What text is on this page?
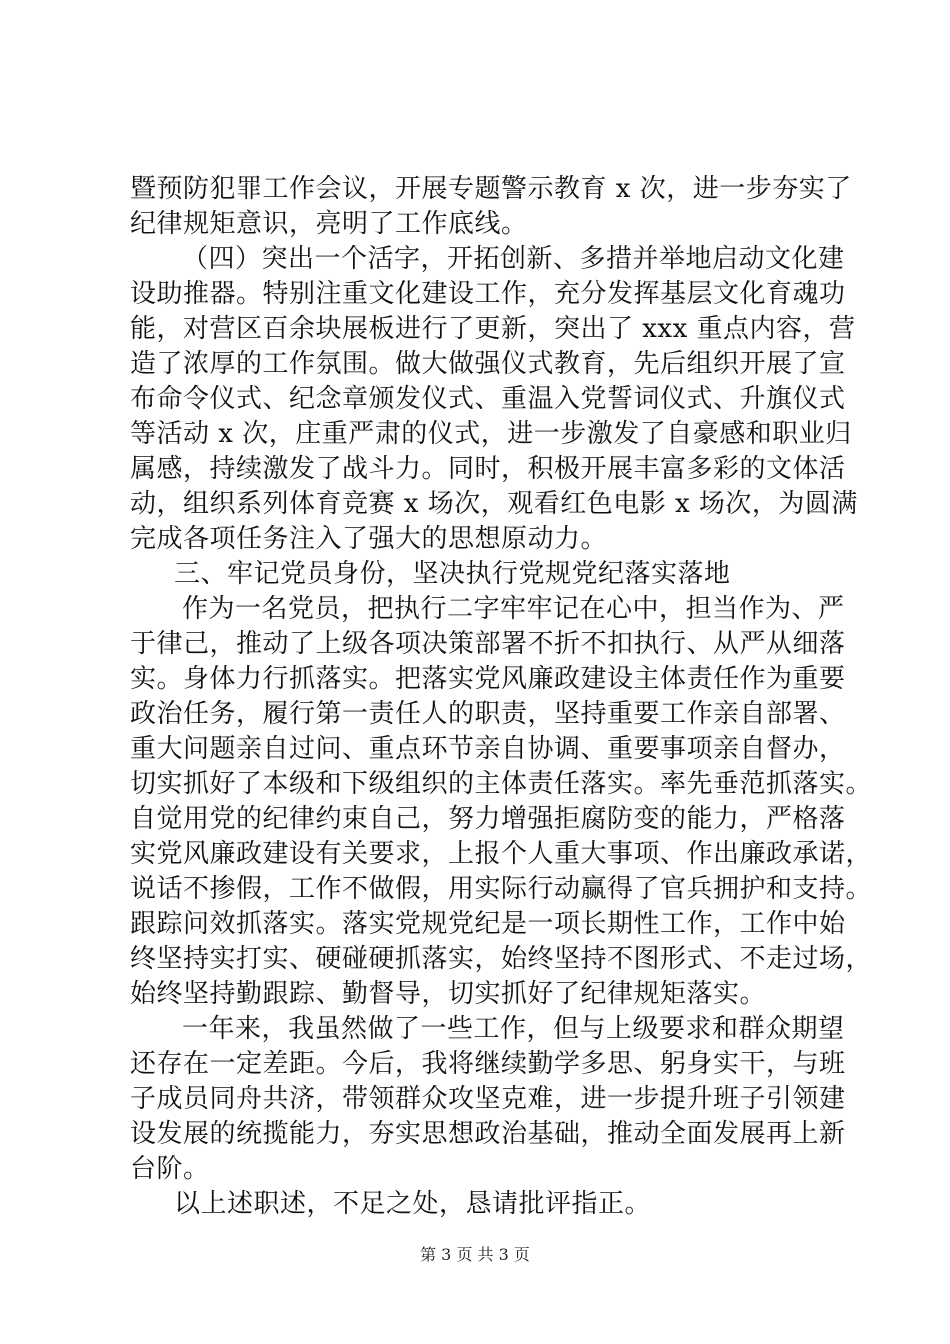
暨预防犯罪工作会议，开展专题警示教育 x 次，进一步夯实了
纪律规矩意识，亮明了工作底线。
（四）突出一个活字，开拓创新、多措并举地启动文化建
设助推器。特别注重文化建设工作，充分发挥基层文化育魂功
能，对营区百余块展板进行了更新，突出了 xxx 重点内容，营
造了浓厚的工作氛围。做大做强仪式教育，先后组织开展了宣
布命令仪式、纪念章颁发仪式、重温入党誓词仪式、升旗仪式
等活动 x 次，庄重严肃的仪式，进一步激发了自豪感和职业归
属感，持续激发了战斗力。同时，积极开展丰富多彩的文体活
动，组织系列体育竞赛 x 场次，观看红色电影 x 场次，为圆满
完成各项任务注入了强大的思想原动力。
三、牢记党员身份，坚决执行党规党纪落实落地
作为一名党员，把执行二字牢牢记在心中，担当作为、严
于律己，推动了上级各项决策部署不折不扣执行、从严从细落
实。身体力行抓落实。把落实党风廉政建设主体责任作为重要
政治任务，履行第一责任人的职责，坚持重要工作亲自部署、
重大问题亲自过问、重点环节亲自协调、重要事项亲自督办，
切实抓好了本级和下级组织的主体责任落实。率先垂范抓落实。
自觉用党的纪律约束自己，努力增强拒腐防变的能力，严格落
实党风廉政建设有关要求，上报个人重大事项、作出廉政承诺，
说话不掺假，工作不做假，用实际行动赢得了官兵拥护和支持。
跟踪问效抓落实。落实党规党纪是一项长期性工作，工作中始
终坚持实打实、硬碰硬抓落实，始终坚持不图形式、不走过场，
始终坚持勤跟踪、勤督导，切实抓好了纪律规矩落实。
一年来，我虽然做了一些工作，但与上级要求和群众期望
还存在一定差距。今后，我将继续勤学多思、躬身实干，与班
子成员同舟共济，带领群众攻坚克难，进一步提升班子引领建
设发展的统揽能力，夯实思想政治基础，推动全面发展再上新
台阶。
以上述职述，不足之处，恳请批评指正。
第 3 页 共 3 页
